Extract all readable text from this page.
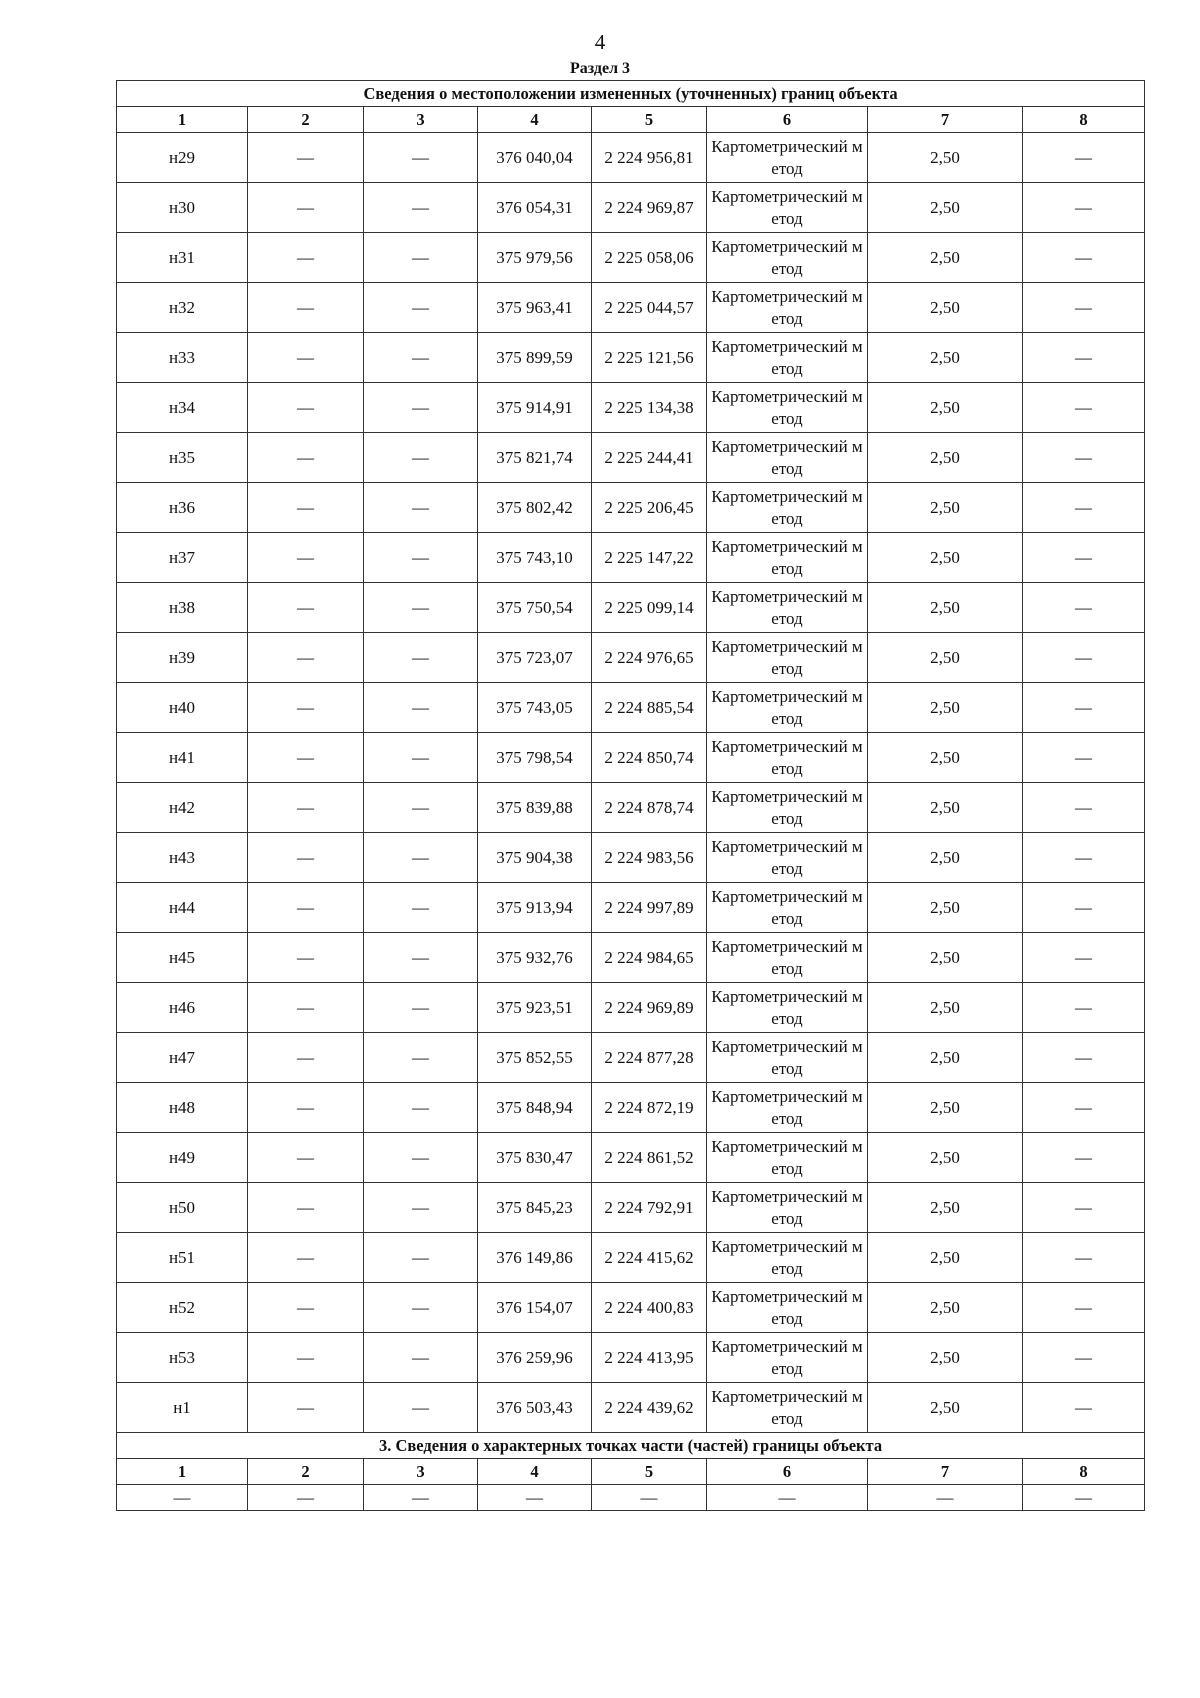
4
Раздел 3
Сведения о местоположении измененных (уточненных) границ объекта							
1	2	3	4	5	6	7	8
н29	—	—	376 040,04	2 224 956,81	Картометрический метод	2,50	—
н30	—	—	376 054,31	2 224 969,87	Картометрический метод	2,50	—
н31	—	—	375 979,56	2 225 058,06	Картометрический метод	2,50	—
н32	—	—	375 963,41	2 225 044,57	Картометрический метод	2,50	—
н33	—	—	375 899,59	2 225 121,56	Картометрический метод	2,50	—
н34	—	—	375 914,91	2 225 134,38	Картометрический метод	2,50	—
н35	—	—	375 821,74	2 225 244,41	Картометрический метод	2,50	—
н36	—	—	375 802,42	2 225 206,45	Картометрический метод	2,50	—
н37	—	—	375 743,10	2 225 147,22	Картометрический метод	2,50	—
н38	—	—	375 750,54	2 225 099,14	Картометрический метод	2,50	—
н39	—	—	375 723,07	2 224 976,65	Картометрический метод	2,50	—
н40	—	—	375 743,05	2 224 885,54	Картометрический метод	2,50	—
н41	—	—	375 798,54	2 224 850,74	Картометрический метод	2,50	—
н42	—	—	375 839,88	2 224 878,74	Картометрический метод	2,50	—
н43	—	—	375 904,38	2 224 983,56	Картометрический метод	2,50	—
н44	—	—	375 913,94	2 224 997,89	Картометрический метод	2,50	—
н45	—	—	375 932,76	2 224 984,65	Картометрический метод	2,50	—
н46	—	—	375 923,51	2 224 969,89	Картометрический метод	2,50	—
н47	—	—	375 852,55	2 224 877,28	Картометрический метод	2,50	—
н48	—	—	375 848,94	2 224 872,19	Картометрический метод	2,50	—
н49	—	—	375 830,47	2 224 861,52	Картометрический метод	2,50	—
н50	—	—	375 845,23	2 224 792,91	Картометрический метод	2,50	—
н51	—	—	376 149,86	2 224 415,62	Картометрический метод	2,50	—
н52	—	—	376 154,07	2 224 400,83	Картометрический метод	2,50	—
н53	—	—	376 259,96	2 224 413,95	Картометрический метод	2,50	—
н1	—	—	376 503,43	2 224 439,62	Картометрический метод	2,50	—
3. Сведения о характерных точках части (частей) границы объекта							
1	2	3	4	5	6	7	8
—	—	—	—	—	—	—	—
